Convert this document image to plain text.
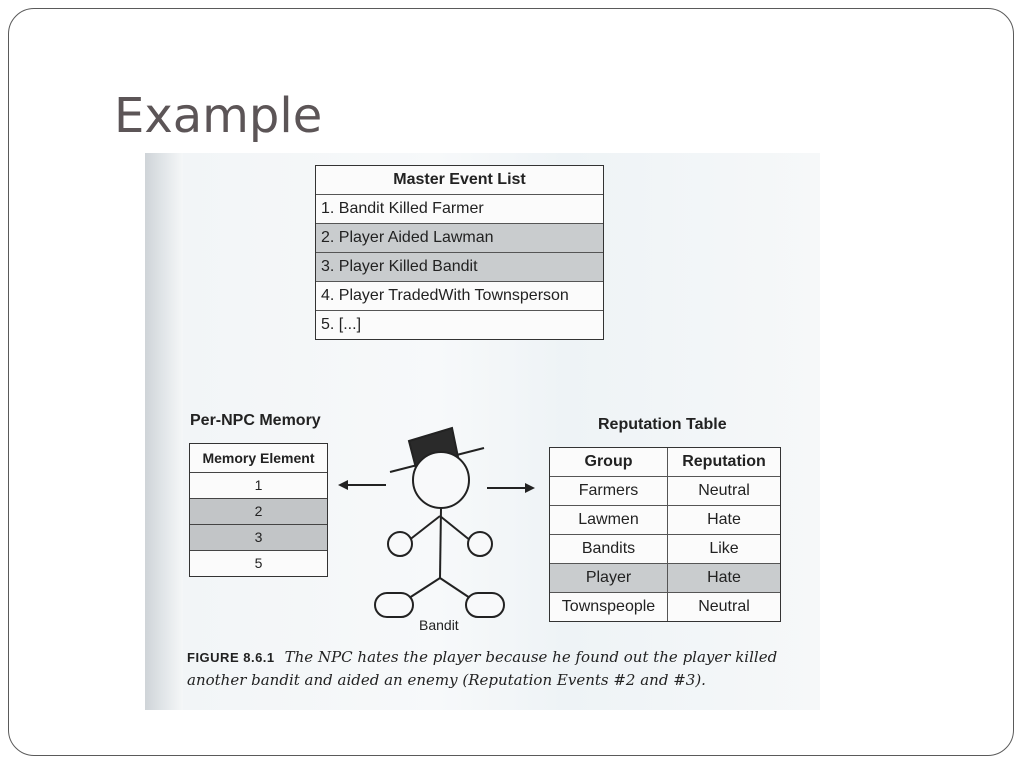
Example
Master Event List
1. Bandit Killed Farmer
2. Player Aided Lawman
3. Player Killed Bandit
4. Player TradedWith Townsperson
5. [...]
Per-NPC Memory
Memory Element
1
2
3
5
Reputation Table
Group	Reputation
Farmers	Neutral
Lawmen	Hate
Bandits	Like
Player	Hate
Townspeople	Neutral
Bandit
FIGURE 8.6.1 The NPC hates the player because he found out the player killed another bandit and aided an enemy (Reputation Events #2 and #3).
